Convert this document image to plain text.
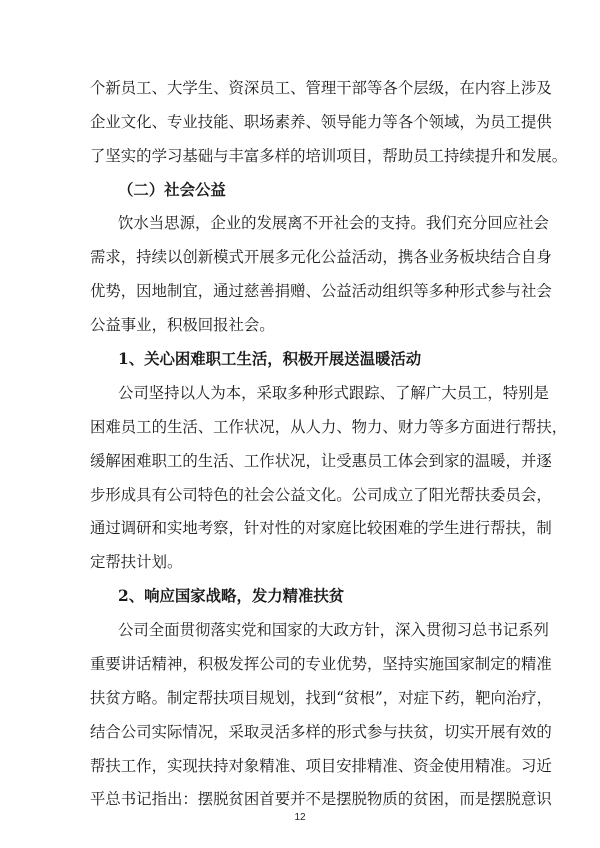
个新员工、大学生、资深员工、管理干部等各个层级，在内容上涉及
企业文化、专业技能、职场素养、领导能力等各个领域，为员工提供
了坚实的学习基础与丰富多样的培训项目，帮助员工持续提升和发展。
（二）社会公益
饮水当思源，企业的发展离不开社会的支持。我们充分回应社会
需求，持续以创新模式开展多元化公益活动，携各业务板块结合自身
优势，因地制宜，通过慈善捐赠、公益活动组织等多种形式参与社会
公益事业，积极回报社会。
1、关心困难职工生活，积极开展送温暖活动
公司坚持以人为本，采取多种形式跟踪、了解广大员工，特别是
困难员工的生活、工作状况，从人力、物力、财力等多方面进行帮扶，
缓解困难职工的生活、工作状况，让受惠员工体会到家的温暖，并逐
步形成具有公司特色的社会公益文化。公司成立了阳光帮扶委员会，
通过调研和实地考察，针对性的对家庭比较困难的学生进行帮扶，制
定帮扶计划。
2、响应国家战略，发力精准扶贫
公司全面贯彻落实党和国家的大政方针，深入贯彻习总书记系列
重要讲话精神，积极发挥公司的专业优势，坚持实施国家制定的精准
扶贫方略。制定帮扶项目规划，找到“贫根”，对症下药，靶向治疗，
结合公司实际情况，采取灵活多样的形式参与扶贫，切实开展有效的
帮扶工作，实现扶持对象精准、项目安排精准、资金使用精准。习近
平总书记指出：摆脱贫困首要并不是摆脱物质的贫困，而是摆脱意识
12
